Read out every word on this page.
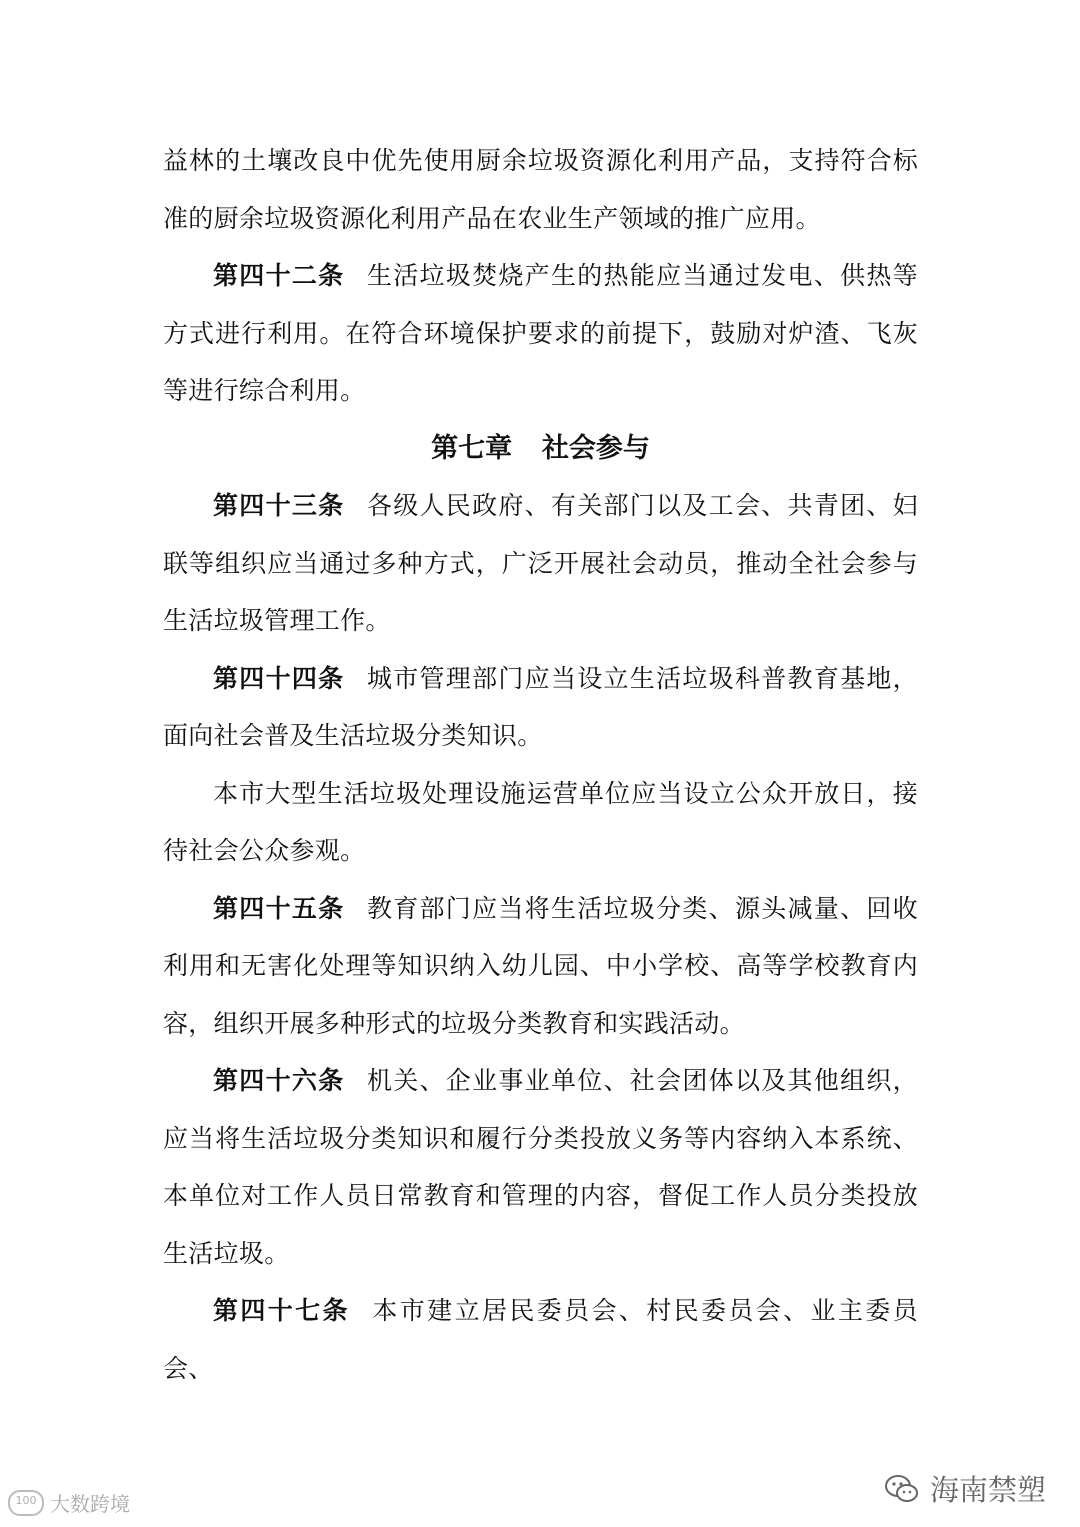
益林的土壤改良中优先使用厨余垃圾资源化利用产品，支持符合标准的厨余垃圾资源化利用产品在农业生产领域的推广应用。

第四十二条 生活垃圾焚烧产生的热能应当通过发电、供热等方式进行利用。在符合环境保护要求的前提下，鼓励对炉渣、飞灰等进行综合利用。

第七章 社会参与

第四十三条 各级人民政府、有关部门以及工会、共青团、妇联等组织应当通过多种方式，广泛开展社会动员，推动全社会参与生活垃圾管理工作。

第四十四条 城市管理部门应当设立生活垃圾科普教育基地，面向社会普及生活垃圾分类知识。

本市大型生活垃圾处理设施运营单位应当设立公众开放日，接待社会公众参观。

第四十五条 教育部门应当将生活垃圾分类、源头减量、回收利用和无害化处理等知识纳入幼儿园、中小学校、高等学校教育内容，组织开展多种形式的垃圾分类教育和实践活动。

第四十六条 机关、企业事业单位、社会团体以及其他组织，应当将生活垃圾分类知识和履行分类投放义务等内容纳入本系统、本单位对工作人员日常教育和管理的内容，督促工作人员分类投放生活垃圾。

第四十七条 本市建立居民委员会、村民委员会、业主委员会、

100 大数跨境	海南禁塑
